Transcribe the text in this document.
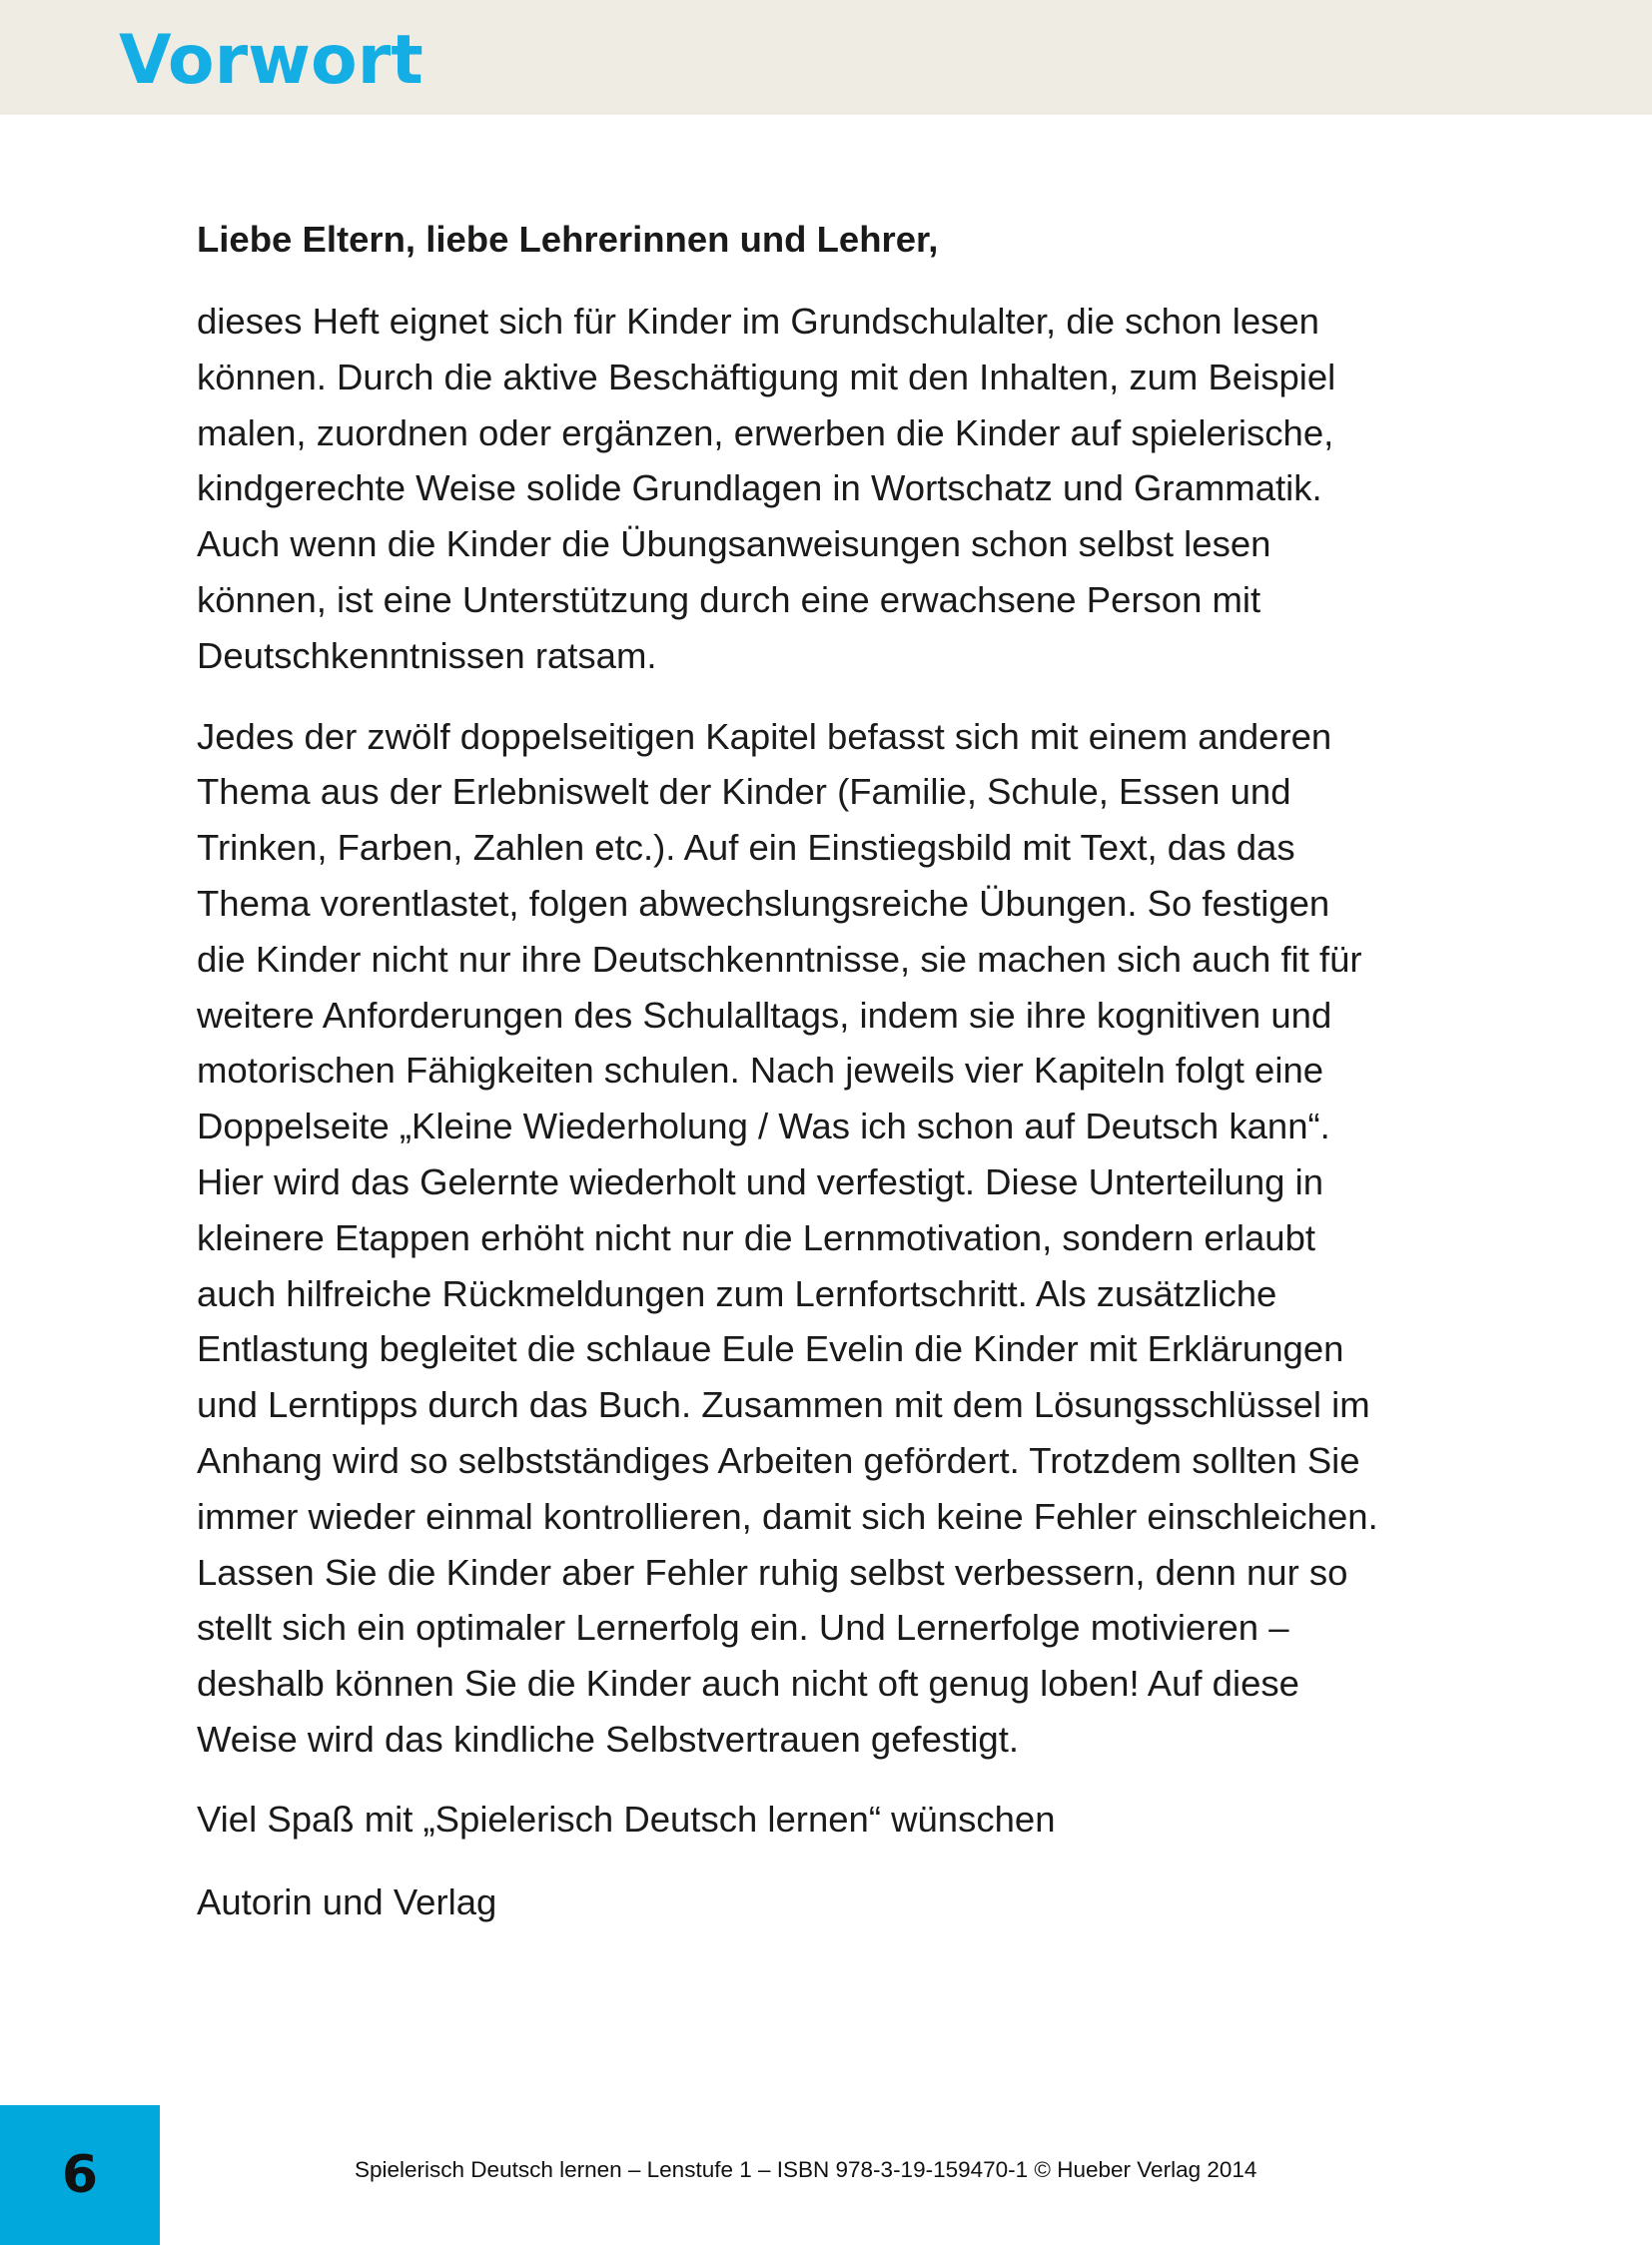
Vorwort

Liebe Eltern, liebe Lehrerinnen und Lehrer,

dieses Heft eignet sich für Kinder im Grundschulalter, die schon lesen
können. Durch die aktive Beschäftigung mit den Inhalten, zum Beispiel
malen, zuordnen oder ergänzen, erwerben die Kinder auf spielerische,
kindgerechte Weise solide Grundlagen in Wortschatz und Grammatik.
Auch wenn die Kinder die Übungsanweisungen schon selbst lesen
können, ist eine Unterstützung durch eine erwachsene Person mit
Deutschkenntnissen ratsam.
Jedes der zwölf doppelseitigen Kapitel befasst sich mit einem anderen
Thema aus der Erlebniswelt der Kinder (Familie, Schule, Essen und
Trinken, Farben, Zahlen etc.). Auf ein Einstiegsbild mit Text, das das
Thema vorentlastet, folgen abwechslungsreiche Übungen. So festigen
die Kinder nicht nur ihre Deutschkenntnisse, sie machen sich auch fit für
weitere Anforderungen des Schulalltags, indem sie ihre kognitiven und
motorischen Fähigkeiten schulen. Nach jeweils vier Kapiteln folgt eine
Doppelseite „Kleine Wiederholung / Was ich schon auf Deutsch kann“.
Hier wird das Gelernte wiederholt und verfestigt. Diese Unterteilung in
kleinere Etappen erhöht nicht nur die Lernmotivation, sondern erlaubt
auch hilfreiche Rückmeldungen zum Lernfortschritt. Als zusätzliche
Entlastung begleitet die schlaue Eule Evelin die Kinder mit Erklärungen
und Lerntipps durch das Buch. Zusammen mit dem Lösungsschlüssel im
Anhang wird so selbstständiges Arbeiten gefördert. Trotzdem sollten Sie
immer wieder einmal kontrollieren, damit sich keine Fehler einschleichen.
Lassen Sie die Kinder aber Fehler ruhig selbst verbessern, denn nur so
stellt sich ein optimaler Lernerfolg ein. Und Lernerfolge motivieren –
deshalb können Sie die Kinder auch nicht oft genug loben! Auf diese
Weise wird das kindliche Selbstvertrauen gefestigt.

Viel Spaß mit „Spielerisch Deutsch lernen“ wünschen

Autorin und Verlag

6	Spielerisch Deutsch lernen – Lenstufe 1 – ISBN 978-3-19-159470-1 © Hueber Verlag 2014
